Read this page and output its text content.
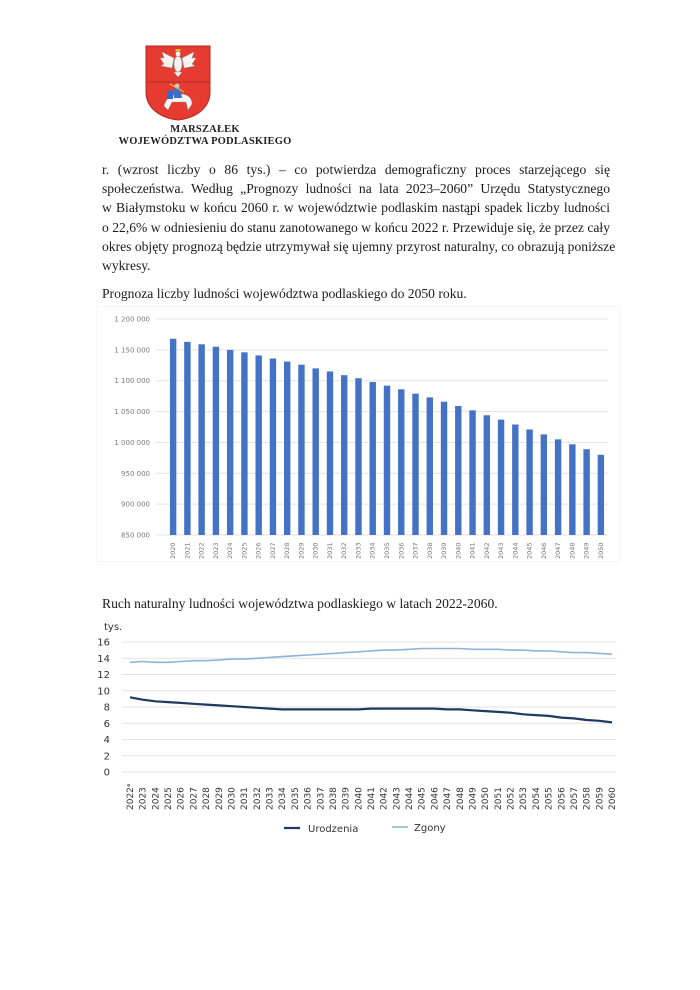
MARSZAŁEK
WOJEWÓDZTWA PODLASKIEGO
r. (wzrost liczby o 86 tys.) – co potwierdza demograficzny proces starzejącego się
społeczeństwa. Według „Prognozy ludności na lata 2023–2060” Urzędu Statystycznego
w Białymstoku w końcu 2060 r. w województwie podlaskim nastąpi spadek liczby ludności
o 22,6% w odniesieniu do stanu zanotowanego w końcu 2022 r. Przewiduje się, że przez cały
okres objęty prognozą będzie utrzymywał się ujemny przyrost naturalny, co obrazują poniższe
wykresy.
Prognoza liczby ludności województwa podlaskiego do 2050 roku.
850 000
900 000
950 000
1 000 000
1 050 000
1 100 000
1 150 000
1 200 000
2020 2021 2022 2023 2024 2025 2026 2027 2028 2029 2030 2031 2032 2033 2034 2035 2036 2037 2038 2039 2040 2041 2042 2043 2044 2045 2046 2047 2048 2049 2050
Ruch naturalny ludności województwa podlaskiego w latach 2022-2060.
tys.
0
2
4
6
8
10
12
14
16
2022ᵃ 2023 2024 2025 2026 2027 2028 2029 2030 2031 2032 2033 2034 2035 2036 2037 2038 2039 2040 2041 2042 2043 2044 2045 2046 2047 2048 2049 2050 2051 2052 2053 2054 2055 2056 2057 2058 2059 2060
Urodzenia	Zgony
